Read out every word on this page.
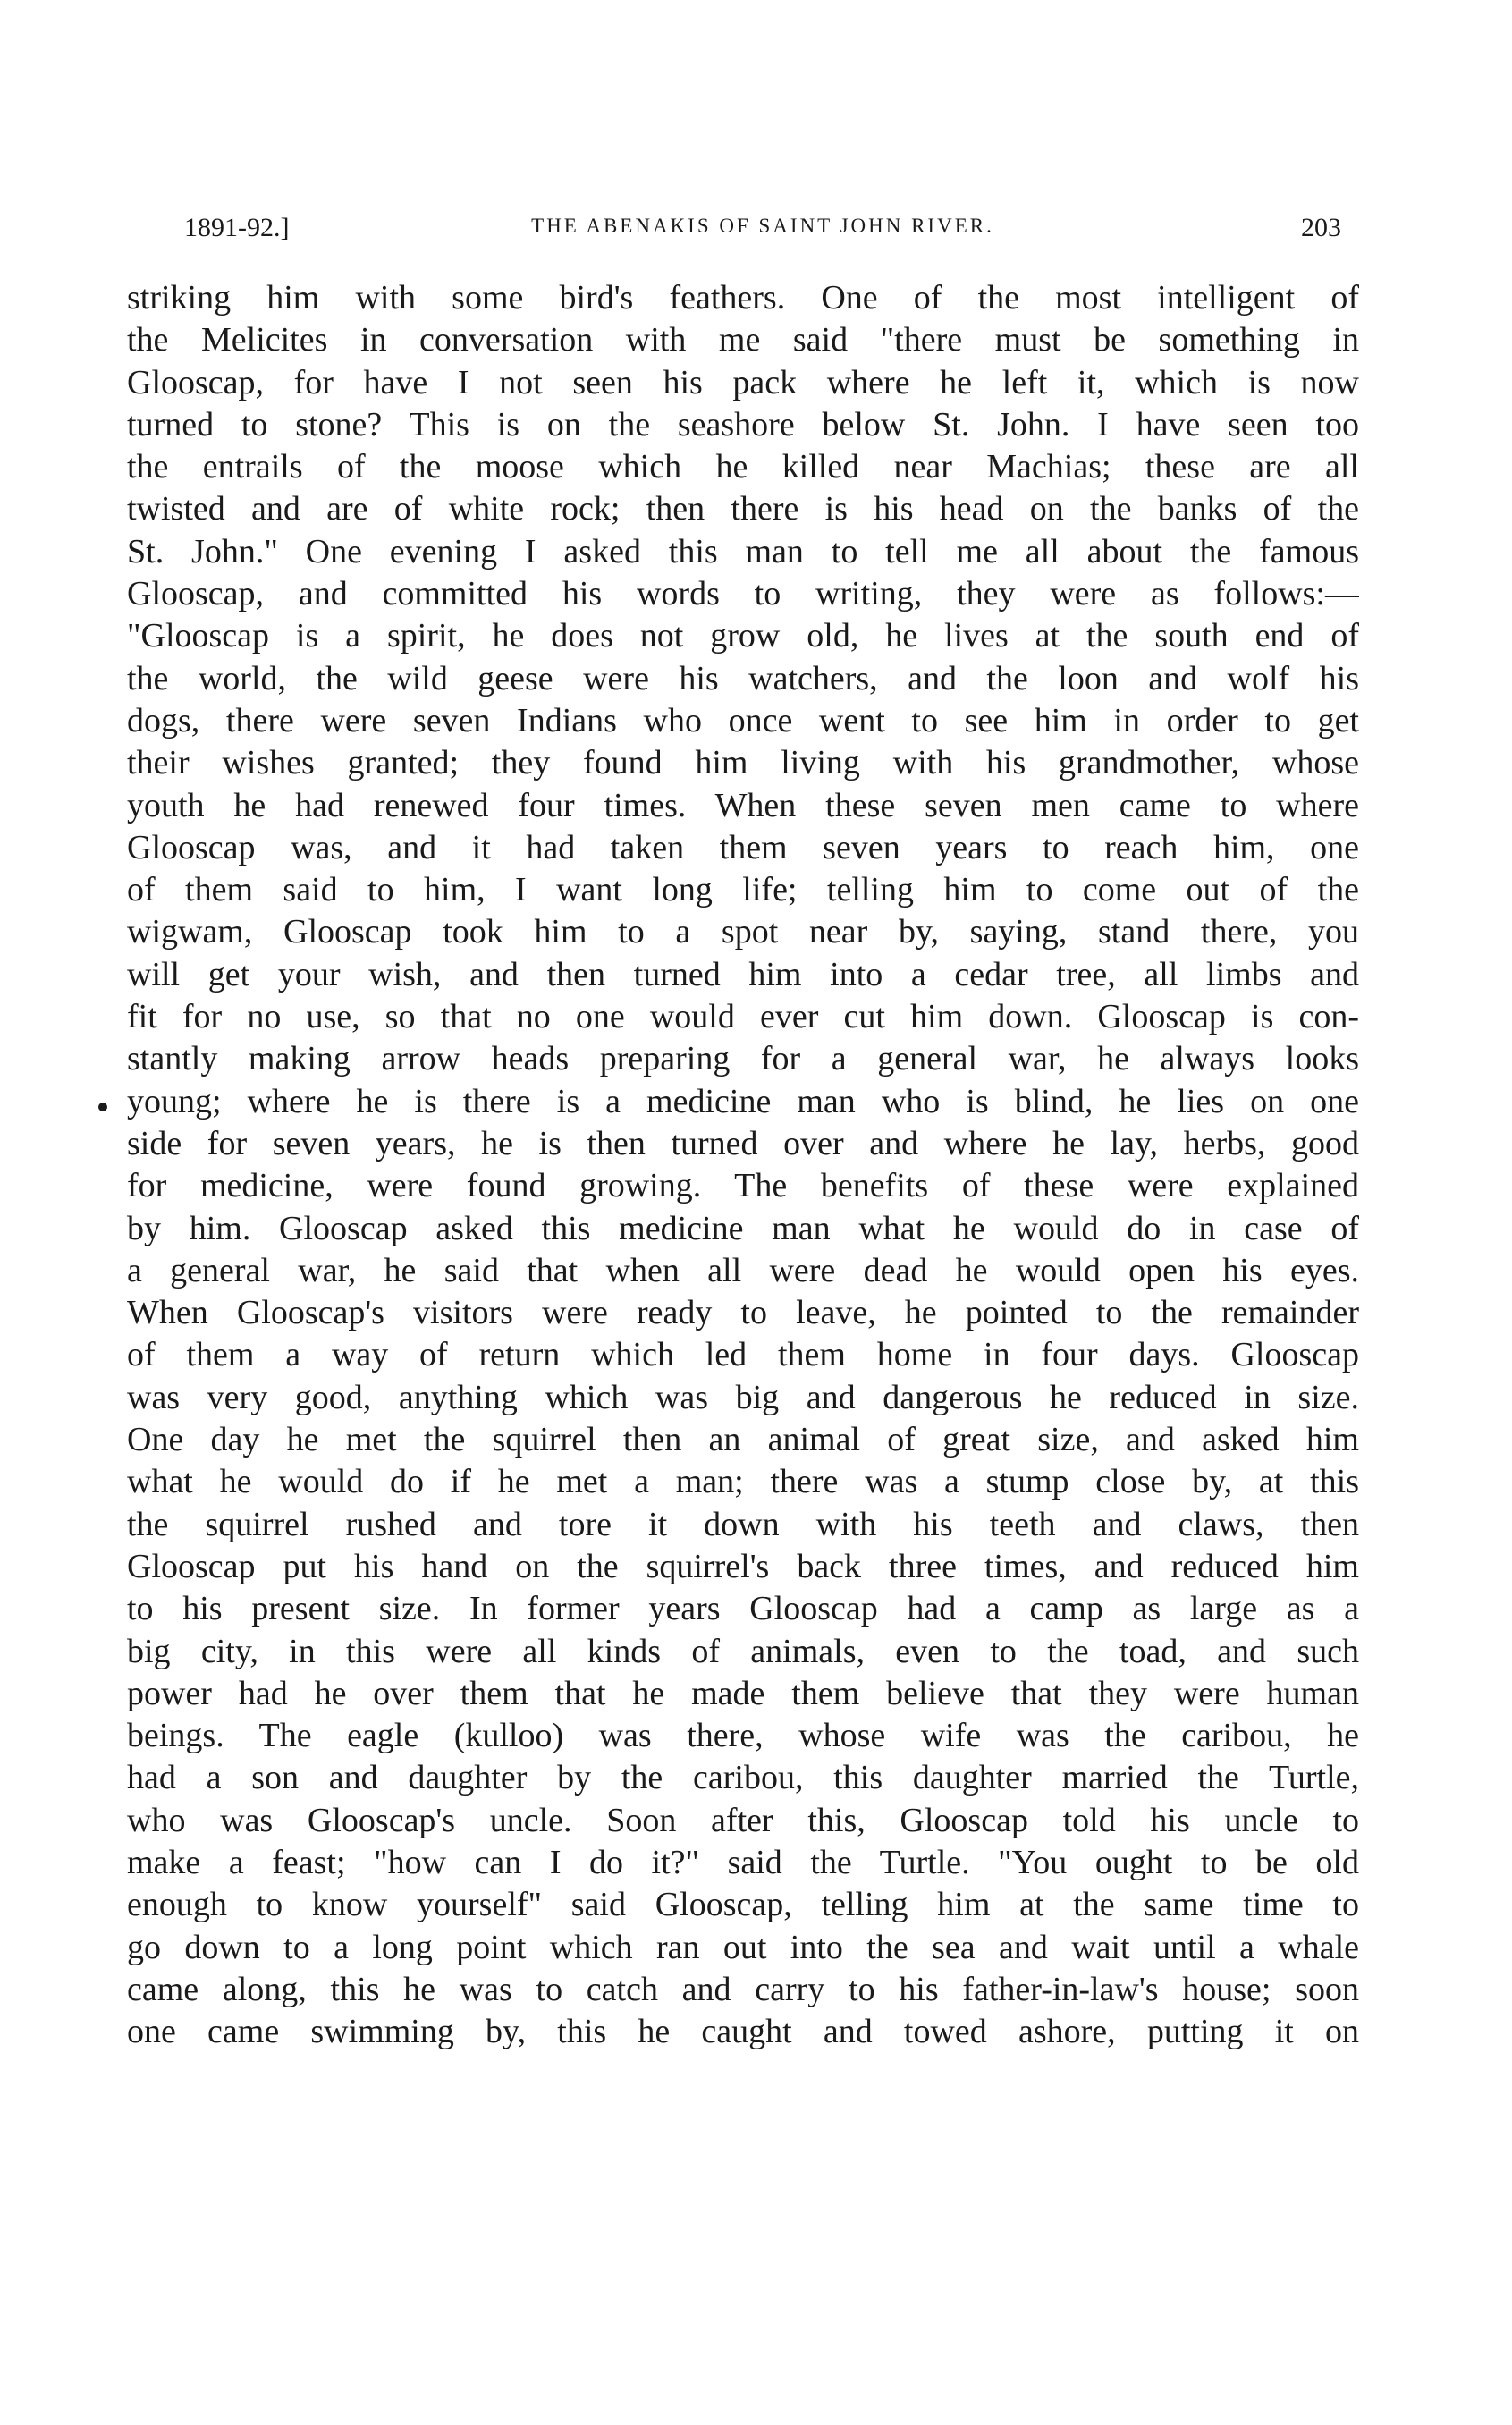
1891-92.]	THE ABENAKIS OF SAINT JOHN RIVER.	203
striking him with some bird's feathers. One of the most intelligent of
the Melicites in conversation with me said "there must be something in
Glooscap, for have I not seen his pack where he left it, which is now
turned to stone? This is on the seashore below St. John. I have seen too
the entrails of the moose which he killed near Machias; these are all
twisted and are of white rock; then there is his head on the banks of the
St. John." One evening I asked this man to tell me all about the famous
Glooscap, and committed his words to writing, they were as follows:—
"Glooscap is a spirit, he does not grow old, he lives at the south end of
the world, the wild geese were his watchers, and the loon and wolf his
dogs, there were seven Indians who once went to see him in order to get
their wishes granted; they found him living with his grandmother, whose
youth he had renewed four times. When these seven men came to where
Glooscap was, and it had taken them seven years to reach him, one
of them said to him, I want long life; telling him to come out of the
wigwam, Glooscap took him to a spot near by, saying, stand there, you
will get your wish, and then turned him into a cedar tree, all limbs and
fit for no use, so that no one would ever cut him down. Glooscap is con-
stantly making arrow heads preparing for a general war, he always looks
young; where he is there is a medicine man who is blind, he lies on one
side for seven years, he is then turned over and where he lay, herbs, good
for medicine, were found growing. The benefits of these were explained
by him. Glooscap asked this medicine man what he would do in case of
a general war, he said that when all were dead he would open his eyes.
When Glooscap's visitors were ready to leave, he pointed to the remainder
of them a way of return which led them home in four days. Glooscap
was very good, anything which was big and dangerous he reduced in size.
One day he met the squirrel then an animal of great size, and asked him
what he would do if he met a man; there was a stump close by, at this
the squirrel rushed and tore it down with his teeth and claws, then
Glooscap put his hand on the squirrel's back three times, and reduced him
to his present size. In former years Glooscap had a camp as large as a
big city, in this were all kinds of animals, even to the toad, and such
power had he over them that he made them believe that they were human
beings. The eagle (kulloo) was there, whose wife was the caribou, he
had a son and daughter by the caribou, this daughter married the Turtle,
who was Glooscap's uncle. Soon after this, Glooscap told his uncle to
make a feast; "how can I do it?" said the Turtle. "You ought to be old
enough to know yourself" said Glooscap, telling him at the same time to
go down to a long point which ran out into the sea and wait until a whale
came along, this he was to catch and carry to his father-in-law's house; soon
one came swimming by, this he caught and towed ashore, putting it on
